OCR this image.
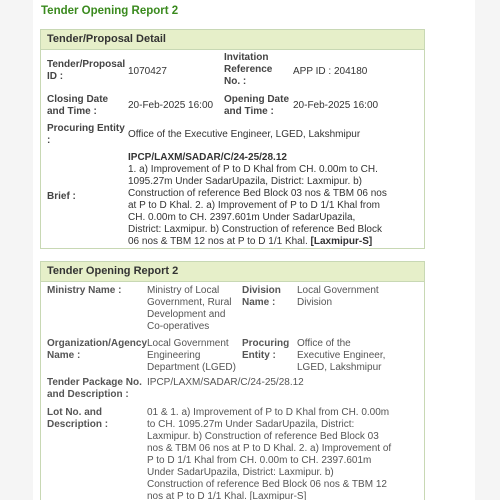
Tender Opening Report 2
Tender/Proposal Detail
Tender/Proposal ID :	1070427
Invitation Reference No. :
APP ID : 204180
Closing Date and Time :
20-Feb-2025 16:00
Opening Date and Time :
20-Feb-2025 16:00
Procuring Entity :
Office of the Executive Engineer, LGED, Lakshmipur
Brief :
IPCP/LAXM/SADAR/C/24-25/28.12
1. a) Improvement of P to D Khal from CH. 0.00m to CH. 1095.27m Under SadarUpazila, District: Laxmipur. b) Construction of reference Bed Block 03 nos & TBM 06 nos at P to D Khal. 2. a) Improvement of P to D 1/1 Khal from CH. 0.00m to CH. 2397.601m Under SadarUpazila, District: Laxmipur. b) Construction of reference Bed Block 06 nos & TBM 12 nos at P to D 1/1 Khal. [Laxmipur-S]
Tender Opening Report 2
Ministry Name :	Ministry of Local Government, Rural Development and Co-operatives
Division Name :
Local Government Division
Organization/Agency Name :
Local Government Engineering Department (LGED)
Procuring Entity :
Office of the Executive Engineer, LGED, Lakshmipur
Tender Package No. and Description :
IPCP/LAXM/SADAR/C/24-25/28.12
Lot No. and Description :
01 & 1. a) Improvement of P to D Khal from CH. 0.00m to CH. 1095.27m Under SadarUpazila, District: Laxmipur. b) Construction of reference Bed Block 03 nos & TBM 06 nos at P to D Khal. 2. a) Improvement of P to D 1/1 Khal from CH. 0.00m to CH. 2397.601m Under SadarUpazila, District: Laxmipur. b) Construction of reference Bed Block 06 nos & TBM 12 nos at P to D 1/1 Khal. [Laxmipur-S]
